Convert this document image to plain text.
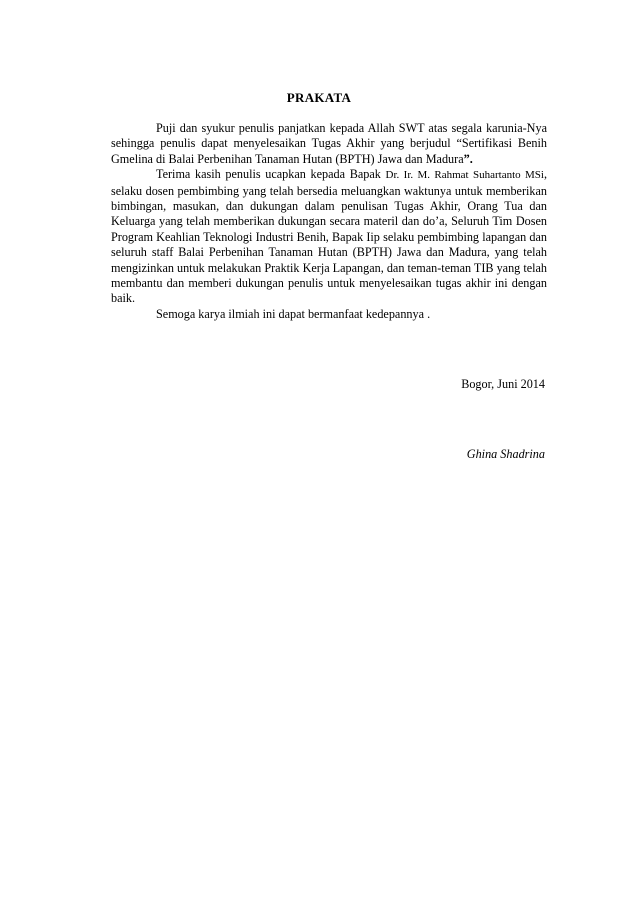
PRAKATA

Puji dan syukur penulis panjatkan kepada Allah SWT atas segala karunia-Nya sehingga penulis dapat menyelesaikan Tugas Akhir yang berjudul “Sertifikasi Benih Gmelina di Balai Perbenihan Tanaman Hutan (BPTH) Jawa dan Madura”.

Terima kasih penulis ucapkan kepada Bapak Dr. Ir. M. Rahmat Suhartanto MSi, selaku dosen pembimbing yang telah bersedia meluangkan waktunya untuk memberikan bimbingan, masukan, dan dukungan dalam penulisan Tugas Akhir, Orang Tua dan Keluarga yang telah memberikan dukungan secara materil dan do’a, Seluruh Tim Dosen Program Keahlian Teknologi Industri Benih, Bapak Iip selaku pembimbing lapangan dan seluruh staff Balai Perbenihan Tanaman Hutan (BPTH) Jawa dan Madura, yang telah mengizinkan untuk melakukan Praktik Kerja Lapangan, dan teman-teman TIB yang telah membantu dan memberi dukungan penulis untuk menyelesaikan tugas akhir ini dengan baik.

Semoga karya ilmiah ini dapat bermanfaat kedepannya .

Bogor, Juni 2014
Ghina Shadrina
